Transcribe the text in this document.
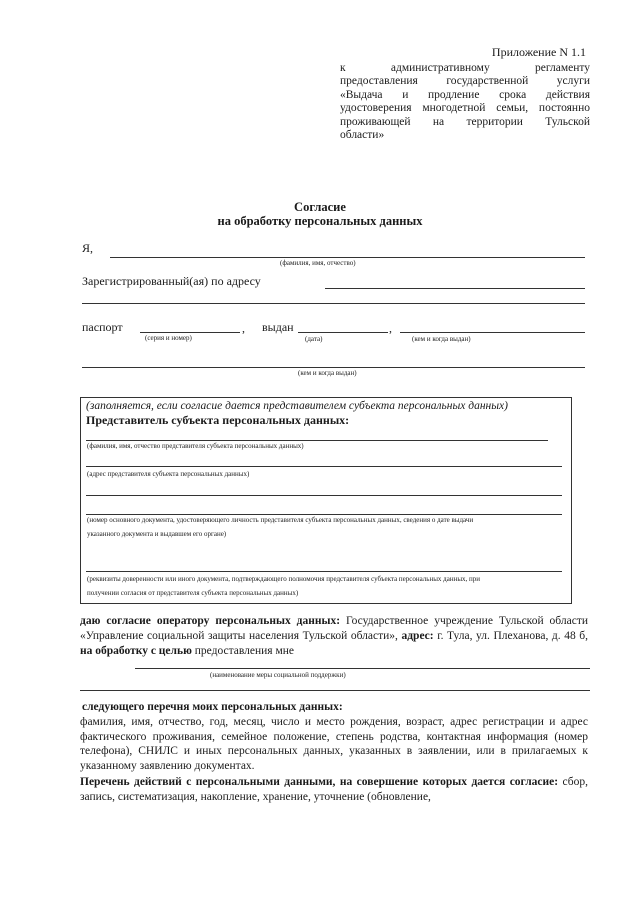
Приложение N 1.1
к административному регламенту
предоставления государственной услуги
«Выдача и продление срока действия
удостоверения многодетной семьи, постоянно
проживающей на территории Тульской
области»
Согласие
на обработку персональных данных
Я,
(фамилия, имя, отчество)
Зарегистрированный(ая) по адресу
паспорт	, выдан	,
(серия и номер)	(дата)	(кем и когда выдан)
(кем и когда выдан)
(заполняется, если согласие дается представителем субъекта персональных данных)
Представитель субъекта персональных данных:
(фамилия, имя, отчество представителя субъекта персональных данных)
(адрес представителя субъекта персональных данных)
(номер основного документа, удостоверяющего личность представителя субъекта персональных данных, сведения о дате выдачи
указанного документа и выдавшем его органе)
(реквизиты доверенности или иного документа, подтверждающего полномочия представителя субъекта персональных данных, при
получении согласия от представителя субъекта персональных данных)
даю согласие оператору персональных данных: Государственное учреждение Тульской области «Управление социальной защиты населения Тульской области», адрес: г. Тула, ул. Плеханова, д. 48 б, на обработку с целью предоставления мне
(наименование меры социальной поддержки)
следующего перечня моих персональных данных:
фамилия, имя, отчество, год, месяц, число и место рождения, возраст, адрес регистрации и адрес фактического проживания, семейное положение, степень родства, контактная информация (номер телефона), СНИЛС и иных персональных данных, указанных в заявлении, или в прилагаемых к указанному заявлению документах.
Перечень действий с персональными данными, на совершение которых дается согласие: сбор, запись, систематизация, накопление, хранение, уточнение (обновление,
